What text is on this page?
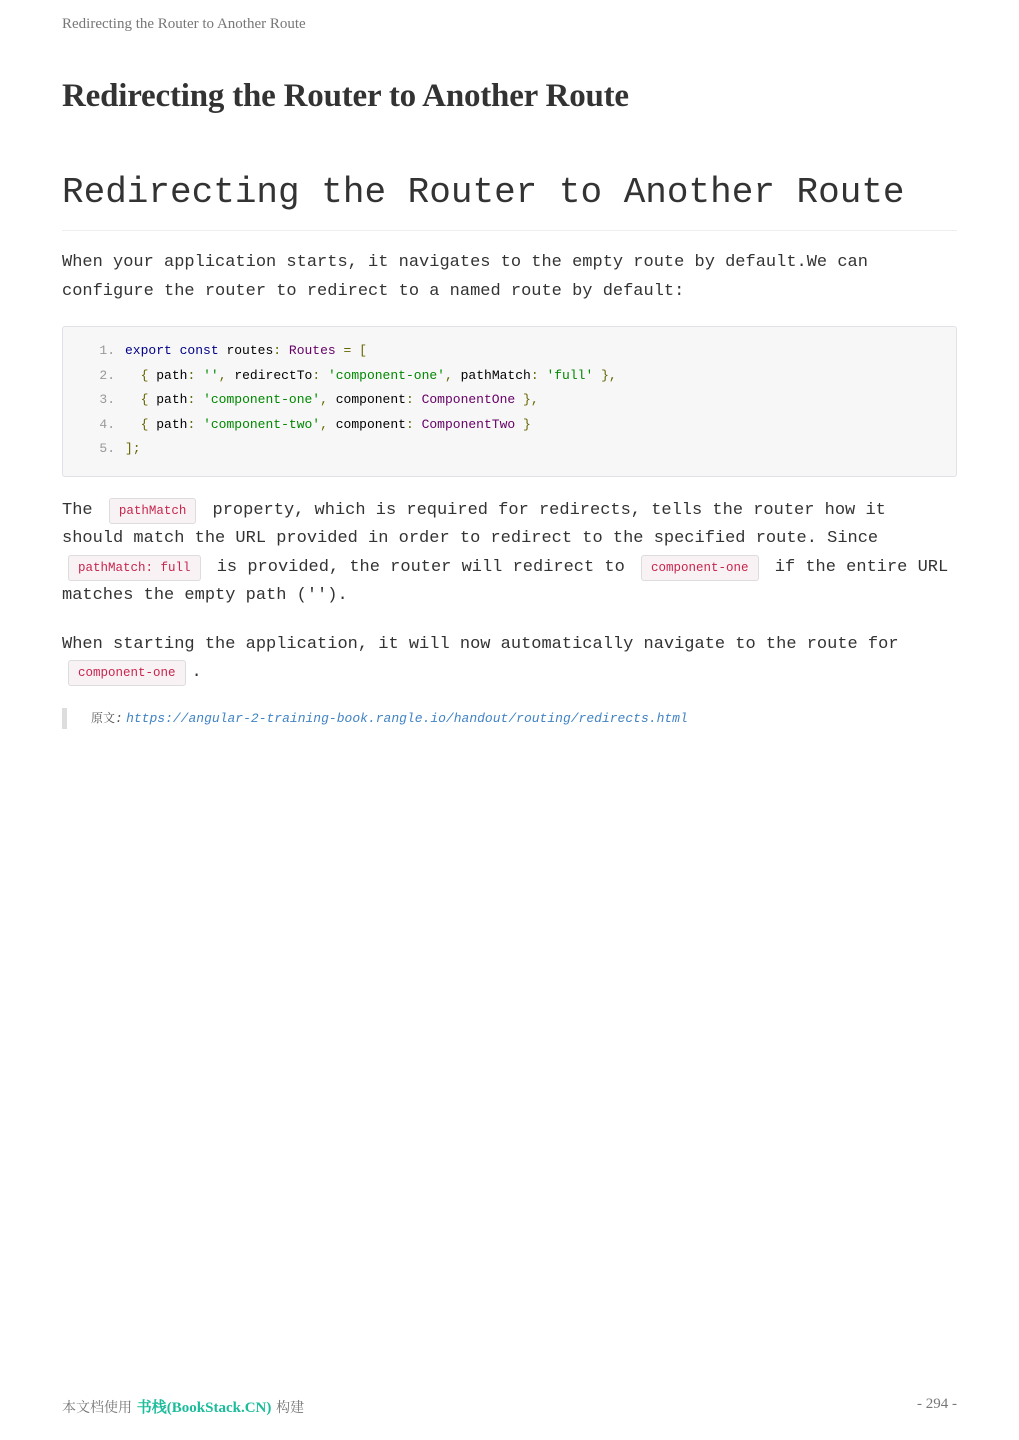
Redirecting the Router to Another Route
Redirecting the Router to Another Route
Redirecting the Router to Another Route

When your application starts, it navigates to the empty route by default.We can configure the router to redirect to a named route by default:

1. export const routes: Routes = [
2. { path: '', redirectTo: 'component-one', pathMatch: 'full' },
3. { path: 'component-one', component: ComponentOne },
4. { path: 'component-two', component: ComponentTwo }
5. ];

The pathMatch property, which is required for redirects, tells the router how it should match the URL provided in order to redirect to the specified route. Since pathMatch: full is provided, the router will redirect to component-one if the entire URL matches the empty path ('').

When starting the application, it will now automatically navigate to the route for component-one .

原文: https://angular-2-training-book.rangle.io/handout/routing/redirects.html
本文档使用 书栈(BookStack.CN) 构建	- 294 -
